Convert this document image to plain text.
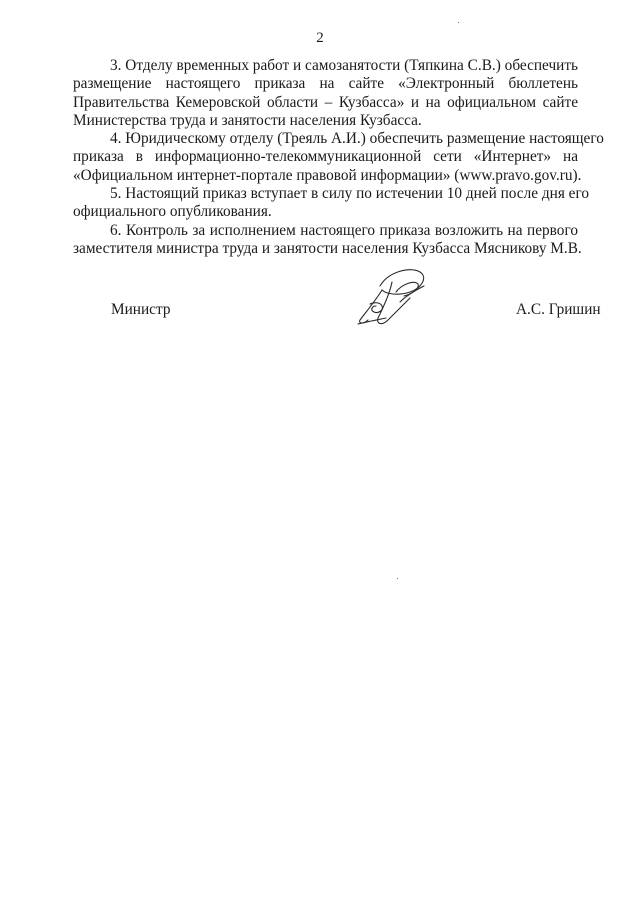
2

3. Отделу временных работ и самозанятости (Тяпкина С.В.) обеспечить
размещение настоящего приказа на сайте «Электронный бюллетень
Правительства Кемеровской области – Кузбасса» и на официальном сайте
Министерства труда и занятости населения Кузбасса.

4. Юридическому отделу (Треяль А.И.) обеспечить размещение настоящего
приказа в информационно-телекоммуникационной сети «Интернет» на
«Официальном интернет-портале правовой информации» (www.pravo.gov.ru).

5. Настоящий приказ вступает в силу по истечении 10 дней после дня его
официального опубликования.

6. Контроль за исполнением настоящего приказа возложить на первого
заместителя министра труда и занятости населения Кузбасса Мясникову М.В.

Министр	А.С. Гришин
